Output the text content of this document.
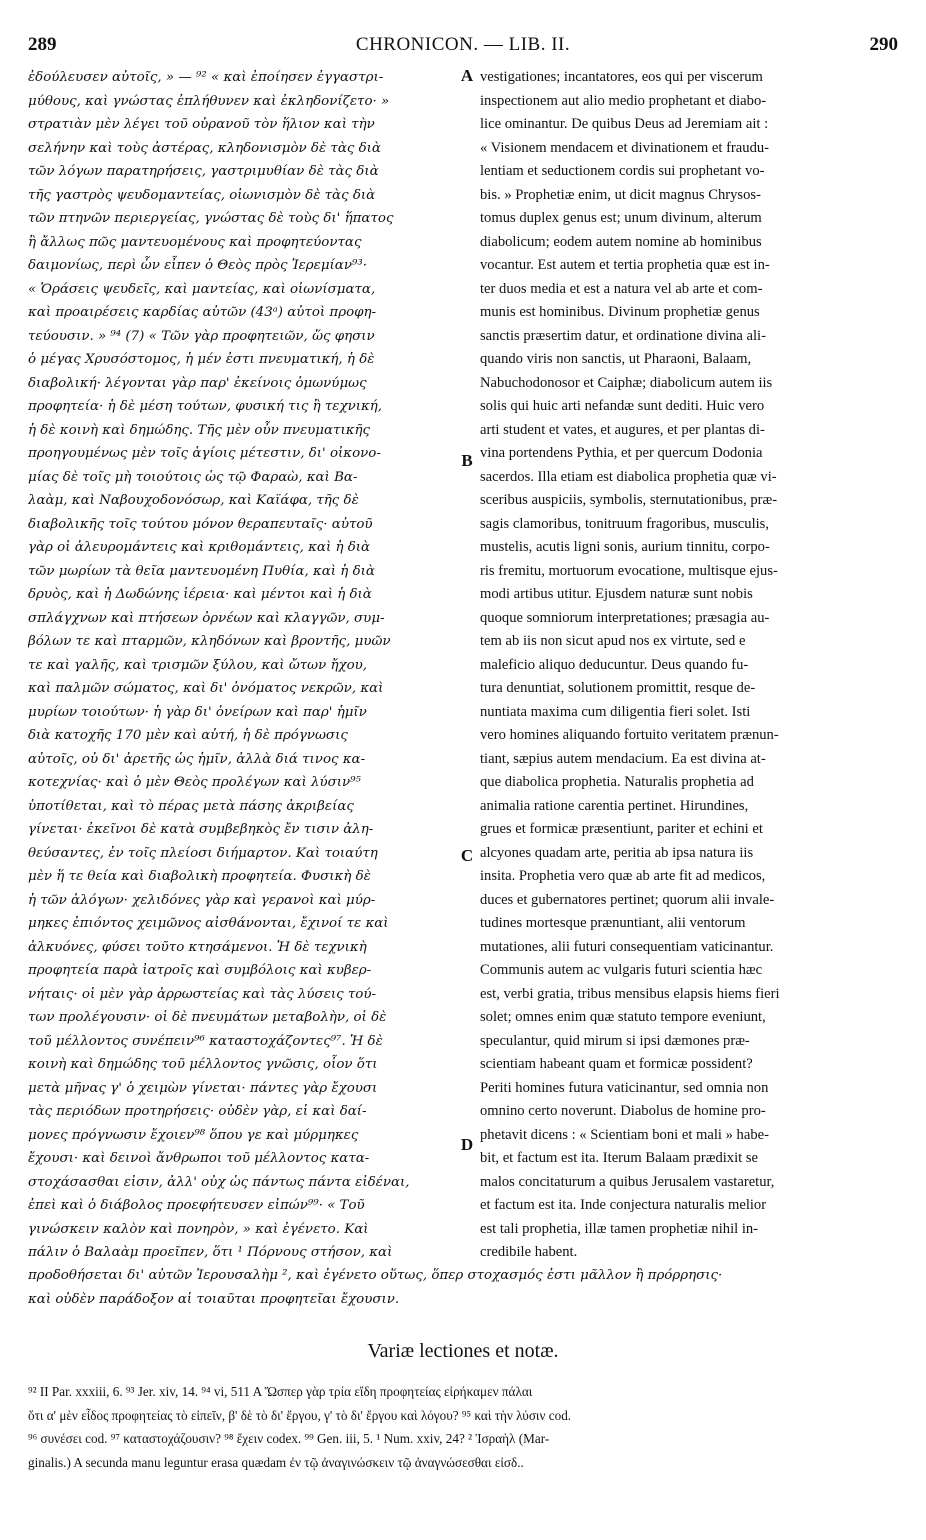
289	CHRONICON. — LIB. II.	290
ἐδούλευσεν αὐτοῖς, » — ⁹² « καὶ ἐποίησεν ἐγγαστρι-
μύθους, καὶ γνώστας ἐπλήθυνεν καὶ ἐκληδονίζετο· »
στρατιὰν μὲν λέγει τοῦ οὐρανοῦ τὸν ἥλιον καὶ τὴν
σελήνην καὶ τοὺς ἀστέρας, κληδονισμὸν δὲ τὰς διὰ
τῶν λόγων παρατηρήσεις, γαστριμυθίαν δὲ τὰς διὰ
τῆς γαστρὸς ψευδομαντείας, οἰωνισμὸν δὲ τὰς διὰ
τῶν πτηνῶν περιεργείας, γνώστας δὲ τοὺς δι' ἥπατος
ἢ ἄλλως πῶς μαντευομένους καὶ προφητεύοντας
δαιμονίως, περὶ ὧν εἶπεν ὁ Θεὸς πρὸς Ἱερεμίαν⁹³·
« Ὁράσεις ψευδεῖς, καὶ μαντείας, καὶ οἰωνίσματα,
καὶ προαιρέσεις καρδίας αὐτῶν (43ᵃ) αὐτοὶ προφη-
τεύουσιν. » ⁹⁴ (7) « Τῶν γὰρ προφητειῶν, ὥς φησιν
ὁ μέγας Χρυσόστομος, ἡ μέν ἐστι πνευματική, ἡ δὲ
διαβολική· λέγονται γὰρ παρ' ἐκείνοις ὁμωνύμως
προφητεία· ἡ δὲ μέση τούτων, φυσική τις ἢ τεχνική,
ἡ δὲ κοινὴ καὶ δημώδης. Τῆς μὲν οὖν πνευματικῆς
προηγουμένως μὲν τοῖς ἁγίοις μέτεστιν, δι' οἰκονο-
μίας δὲ τοῖς μὴ τοιούτοις ὡς τῷ Φαραὼ, καὶ Βα-
λαὰμ, καὶ Ναβουχοδονόσωρ, καὶ Καϊάφα, τῆς δὲ
διαβολικῆς τοῖς τούτου μόνον θεραπευταῖς· αὐτοῦ
γὰρ οἱ ἀλευρομάντεις καὶ κριθομάντεις, καὶ ἡ διὰ
τῶν μωρίων τὰ θεῖα μαντευομένη Πυθία, καὶ ἡ διὰ
δρυὸς, καὶ ἡ Δωδώνης ἱέρεια· καὶ μέντοι καὶ ἡ διὰ
σπλάγχνων καὶ πτήσεων ὀρνέων καὶ κλαγγῶν, συμ-
βόλων τε καὶ πταρμῶν, κληδόνων καὶ βροντῆς, μυῶν
τε καὶ γαλῆς, καὶ τρισμῶν ξύλου, καὶ ὤτων ἤχου,
καὶ παλμῶν σώματος, καὶ δι' ὀνόματος νεκρῶν, καὶ
μυρίων τοιούτων· ἡ γὰρ δι' ὀνείρων καὶ παρ' ἡμῖν
διὰ κατοχῆς 170 μὲν καὶ αὐτή, ἡ δὲ πρόγνωσις
αὐτοῖς, οὐ δι' ἀρετῆς ὡς ἡμῖν, ἀλλὰ διά τινος κα-
κοτεχνίας· καὶ ὁ μὲν Θεὸς προλέγων καὶ λύσιν⁹⁵
ὑποτίθεται, καὶ τὸ πέρας μετὰ πάσης ἀκριβείας
γίνεται· ἐκεῖνοι δὲ κατὰ συμβεβηκὸς ἔν τισιν ἀλη-
θεύσαντες, ἐν τοῖς πλείοσι διήμαρτον. Καὶ τοιαύτη
μὲν ἥ τε θεία καὶ διαβολικὴ προφητεία. Φυσικὴ δὲ
ἡ τῶν ἀλόγων· χελιδόνες γὰρ καὶ γερανοὶ καὶ μύρ-
μηκες ἐπιόντος χειμῶνος αἰσθάνονται, ἔχινοί τε καὶ
ἀλκυόνες, φύσει τοῦτο κτησάμενοι. Ἡ δὲ τεχνικὴ
προφητεία παρὰ ἰατροῖς καὶ συμβόλοις καὶ κυβερ-
νήταις· οἱ μὲν γὰρ ἀρρωστείας καὶ τὰς λύσεις τού-
των προλέγουσιν· οἱ δὲ πνευμάτων μεταβολὴν, οἱ δὲ
τοῦ μέλλοντος συνέπειν⁹⁶ καταστοχάζοντες⁹⁷. Ἡ δὲ
κοινὴ καὶ δημώδης τοῦ μέλλοντος γνῶσις, οἷον ὅτι
μετὰ μῆνας γ' ὁ χειμὼν γίνεται· πάντες γὰρ ἔχουσι
τὰς περιόδων προτηρήσεις· οὐδὲν γὰρ, εἰ καὶ δαί-
μονες πρόγνωσιν ἔχοιεν⁹⁸ ὅπου γε καὶ μύρμηκες
ἔχουσι· καὶ δεινοὶ ἄνθρωποι τοῦ μέλλοντος κατα-
στοχάσασθαι εἰσιν, ἀλλ' οὐχ ὡς πάντως πάντα εἰδέναι,
ἐπεὶ καὶ ὁ διάβολος προεφήτευσεν εἰπών⁹⁹· « Τοῦ
γινώσκειν καλὸν καὶ πονηρὸν, » καὶ ἐγένετο. Καὶ
πάλιν ὁ Βαλαὰμ προεῖπεν, ὅτι ¹ Πόρνους στήσον, καὶ
A
B
C
D
vestigationes; incantatores, eos qui per viscerum
inspectionem aut alio medio prophetant et diabo-
lice ominantur. De quibus Deus ad Jeremiam ait :
« Visionem mendacem et divinationem et fraudu-
lentiam et seductionem cordis sui prophetant vo-
bis. » Prophetiæ enim, ut dicit magnus Chrysos-
tomus duplex genus est; unum divinum, alterum
diabolicum; eodem autem nomine ab hominibus
vocantur. Est autem et tertia prophetia quæ est in-
ter duos media et est a natura vel ab arte et com-
munis est hominibus. Divinum prophetiæ genus
sanctis præsertim datur, et ordinatione divina ali-
quando viris non sanctis, ut Pharaoni, Balaam,
Nabuchodonosor et Caiphæ; diabolicum autem iis
solis qui huic arti nefandæ sunt dediti. Huic vero
arti student et vates, et augures, et per plantas di-
vina portendens Pythia, et per quercum Dodonia
sacerdos. Illa etiam est diabolica prophetia quæ vi-
sceribus auspiciis, symbolis, sternutationibus, præ-
sagis clamoribus, tonitruum fragoribus, musculis,
mustelis, acutis ligni sonis, aurium tinnitu, corpo-
ris fremitu, mortuorum evocatione, multisque ejus-
modi artibus utitur. Ejusdem naturæ sunt nobis
quoque somniorum interpretationes; præsagia au-
tem ab iis non sicut apud nos ex virtute, sed e
maleficio aliquo deducuntur. Deus quando fu-
tura denuntiat, solutionem promittit, resque de-
nuntiata maxima cum diligentia fieri solet. Isti
vero homines aliquando fortuito veritatem prænun-
tiant, sæpius autem mendacium. Ea est divina at-
que diabolica prophetia. Naturalis prophetia ad
animalia ratione carentia pertinet. Hirundines,
grues et formicæ præsentiunt, pariter et echini et
alcyones quadam arte, peritia ab ipsa natura iis
insita. Prophetia vero quæ ab arte fit ad medicos,
duces et gubernatores pertinet; quorum alii invale-
tudines mortesque prænuntiant, alii ventorum
mutationes, alii futuri consequentiam vaticinantur.
Communis autem ac vulgaris futuri scientia hæc
est, verbi gratia, tribus mensibus elapsis hiems fieri
solet; omnes enim quæ statuto tempore eveniunt,
speculantur, quid mirum si ipsi dæmones præ-
scientiam habeant quam et formicæ possident?
Periti homines futura vaticinantur, sed omnia non
omnino certo noverunt. Diabolus de homine pro-
phetavit dicens : « Scientiam boni et mali » habe-
bit, et factum est ita. Iterum Balaam prædixit se
malos concitaturum a quibus Jerusalem vastaretur,
et factum est ita. Inde conjectura naturalis melior
est tali prophetia, illæ tamen prophetiæ nihil in-
credibile habent.
προδοθήσεται δι' αὐτῶν Ἱερουσαλὴμ ², καὶ ἐγένετο οὕτως, ὅπερ στοχασμός ἐστι μᾶλλον ἢ πρόρρησις·
καὶ οὐδὲν παράδοξον αἱ τοιαῦται προφητεῖαι ἔχουσιν.
Variæ lectiones et notæ.
⁹² II Par. xxxiii, 6. ⁹³ Jer. xiv, 14. ⁹⁴ vi, 511 A Ὥσπερ γὰρ τρία εἴδη προφητείας εἰρήκαμεν πάλαι
ὅτι α' μὲν εἶδος προφητείας τὸ εἰπεῖν, β' δὲ τὸ δι' ἔργου, γ' τὸ δι' ἔργου καὶ λόγου? ⁹⁵ καὶ τὴν λύσιν cod.
⁹⁶ συνέσει cod. ⁹⁷ καταστοχάζουσιν? ⁹⁸ ἔχειν codex. ⁹⁹ Gen. iii, 5. ¹ Num. xxiv, 24? ² Ἰσραὴλ (Mar-
ginalis.) A secunda manu leguntur erasa quædam ἐν τῷ ἀναγινώσκειν τῷ ἀναγνώσεσθαι εἰσδ..
